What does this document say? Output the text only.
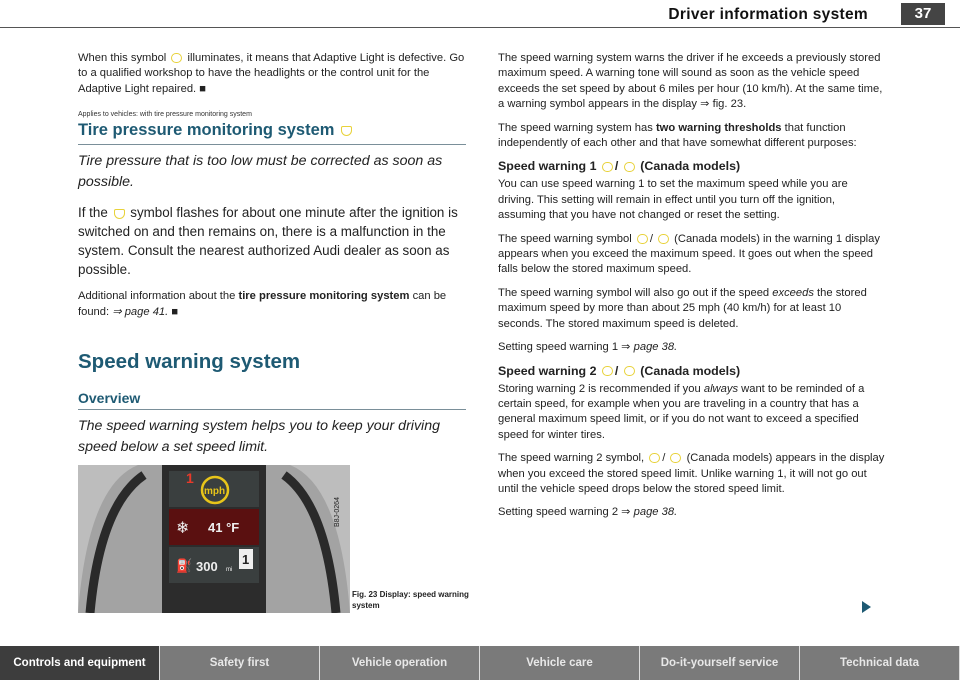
Driver information system	37

When this symbol illuminates, it means that Adaptive Light is defective. Go to a qualified workshop to have the headlights or the control unit for the Adaptive Light repaired. ■

Applies to vehicles: with tire pressure monitoring system
Tire pressure monitoring system

Tire pressure that is too low must be corrected as soon as possible.

If the symbol flashes for about one minute after the ignition is switched on and then remains on, there is a malfunction in the system. Consult the nearest authorized Audi dealer as soon as possible.

Additional information about the tire pressure monitoring system can be found: ⇒ page 41. ■

Speed warning system
Overview

The speed warning system helps you to keep your driving speed below a set speed limit.

mph
1
❄ 41 °F
⛽ 300 mi
1
B8J-0264
Fig. 23 Display: speed warning system

The speed warning system warns the driver if he exceeds a previously stored maximum speed. A warning tone will sound as soon as the vehicle speed exceeds the set speed by about 6 miles per hour (10 km/h). At the same time, a warning symbol appears in the display ⇒ fig. 23.

The speed warning system has two warning thresholds that function independently of each other and that have somewhat different purposes:

Speed warning 1 /  (Canada models)

You can use speed warning 1 to set the maximum speed while you are driving. This setting will remain in effect until you turn off the ignition, assuming that you have not changed or reset the setting.

The speed warning symbol /  (Canada models) in the warning 1 display appears when you exceed the maximum speed. It goes out when the speed falls below the stored maximum speed.

The speed warning symbol will also go out if the speed exceeds the stored maximum speed by more than about 25 mph (40 km/h) for at least 10 seconds. The stored maximum speed is deleted.

Setting speed warning 1 ⇒ page 38.

Speed warning 2 /  (Canada models)

Storing warning 2 is recommended if you always want to be reminded of a certain speed, for example when you are traveling in a country that has a general maximum speed limit, or if you do not want to exceed a specified speed for winter tires.

The speed warning 2 symbol, /  (Canada models) appears in the display when you exceed the stored speed limit. Unlike warning 1, it will not go out until the vehicle speed drops below the stored speed limit.

Setting speed warning 2 ⇒ page 38.

Controls and equipment	Safety first	Vehicle operation	Vehicle care	Do-it-yourself service	Technical data
